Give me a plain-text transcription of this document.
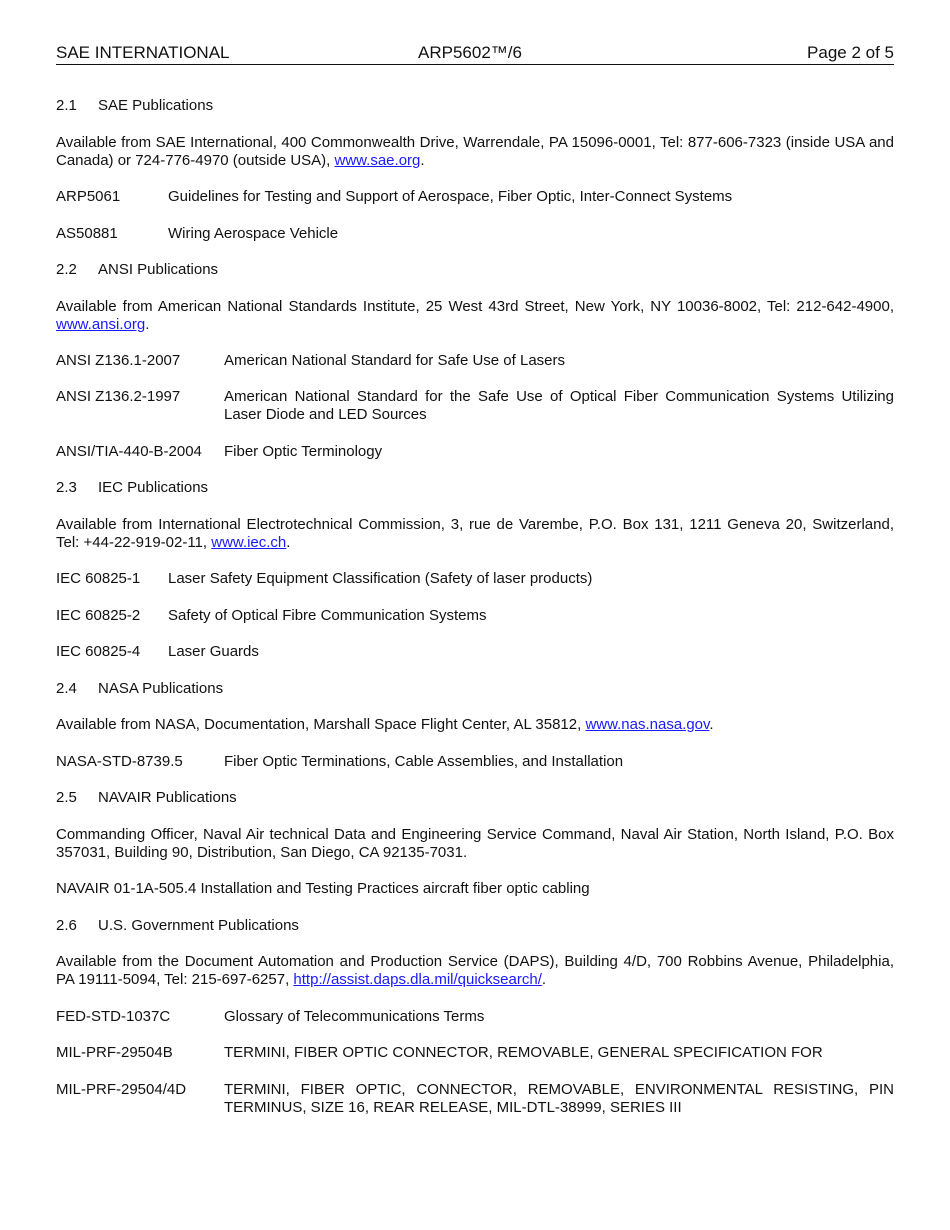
SAE INTERNATIONAL	ARP5602™/6	Page 2 of 5
2.1 SAE Publications
Available from SAE International, 400 Commonwealth Drive, Warrendale, PA 15096-0001, Tel: 877-606-7323 (inside USA and Canada) or 724-776-4970 (outside USA), www.sae.org.
ARP5061	Guidelines for Testing and Support of Aerospace, Fiber Optic, Inter-Connect Systems
AS50881	Wiring Aerospace Vehicle
2.2 ANSI Publications
Available from American National Standards Institute, 25 West 43rd Street, New York, NY 10036-8002, Tel: 212-642-4900, www.ansi.org.
ANSI Z136.1-2007	American National Standard for Safe Use of Lasers
ANSI Z136.2-1997	American National Standard for the Safe Use of Optical Fiber Communication Systems Utilizing Laser Diode and LED Sources
ANSI/TIA-440-B-2004 Fiber Optic Terminology
2.3 IEC Publications
Available from International Electrotechnical Commission, 3, rue de Varembe, P.O. Box 131, 1211 Geneva 20, Switzerland, Tel: +44-22-919-02-11, www.iec.ch.
IEC 60825-1 Laser Safety Equipment Classification (Safety of laser products)
IEC 60825-2 Safety of Optical Fibre Communication Systems
IEC 60825-4 Laser Guards
2.4 NASA Publications
Available from NASA, Documentation, Marshall Space Flight Center, AL 35812, www.nas.nasa.gov.
NASA-STD-8739.5	Fiber Optic Terminations, Cable Assemblies, and Installation
2.5 NAVAIR Publications
Commanding Officer, Naval Air technical Data and Engineering Service Command, Naval Air Station, North Island, P.O. Box 357031, Building 90, Distribution, San Diego, CA 92135-7031.
NAVAIR 01-1A-505.4 Installation and Testing Practices aircraft fiber optic cabling
2.6 U.S. Government Publications
Available from the Document Automation and Production Service (DAPS), Building 4/D, 700 Robbins Avenue, Philadelphia, PA 19111-5094, Tel: 215-697-6257, http://assist.daps.dla.mil/quicksearch/.
FED-STD-1037C	Glossary of Telecommunications Terms
MIL-PRF-29504B	TERMINI, FIBER OPTIC CONNECTOR, REMOVABLE, GENERAL SPECIFICATION FOR
MIL-PRF-29504/4D	TERMINI, FIBER OPTIC, CONNECTOR, REMOVABLE, ENVIRONMENTAL RESISTING, PIN TERMINUS, SIZE 16, REAR RELEASE, MIL-DTL-38999, SERIES III
